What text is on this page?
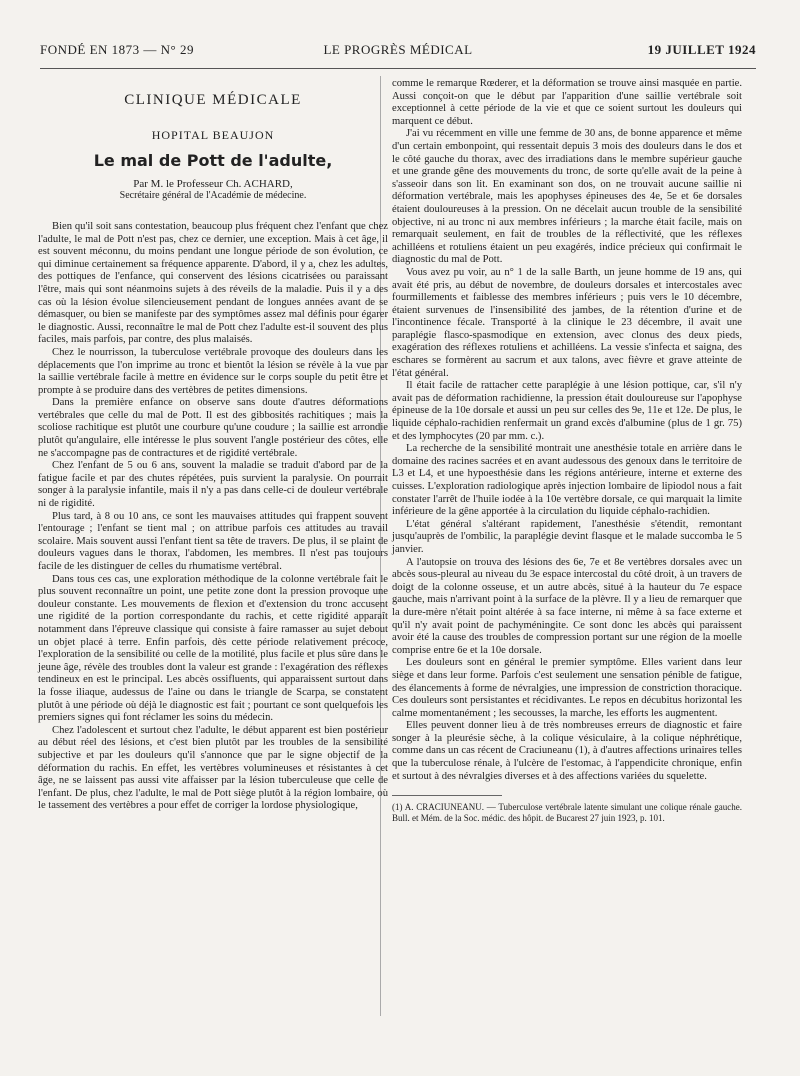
FONDÉ EN 1873 — N° 29	LE PROGRÈS MÉDICAL	19 JUILLET 1924
CLINIQUE MÉDICALE
HOPITAL BEAUJON
Le mal de Pott de l'adulte,
Par M. le Professeur Ch. ACHARD,
Secrétaire général de l'Académie de médecine.

Bien qu'il soit sans contestation, beaucoup plus fréquent chez l'enfant que chez l'adulte, le mal de Pott n'est pas, chez ce dernier, une exception. Mais à cet âge, il est souvent méconnu, du moins pendant une longue période de son évolution, ce qui diminue certainement sa fréquence apparente. D'abord, il y a, chez les adultes, des pottiques de l'enfance, qui conservent des lésions cicatrisées ou paraissant l'être, mais qui sont néanmoins sujets à des réveils de la maladie. Puis il y a des cas où la lésion évolue silencieusement pendant de longues années avant de se démasquer, ou bien se manifeste par des symptômes assez mal définis pour égarer le diagnostic. Aussi, reconnaître le mal de Pott chez l'adulte est-il souvent des plus faciles, mais parfois, par contre, des plus malaisés.

Chez le nourrisson, la tuberculose vertébrale provoque des douleurs dans les déplacements que l'on imprime au tronc et bientôt la lésion se révèle à la vue par la saillie vertébrale facile à mettre en évidence sur le corps souple du petit être et prompte à se produire dans des vertèbres de petites dimensions.

Dans la première enfance on observe sans doute d'autres déformations vertébrales que celle du mal de Pott. Il est des gibbosités rachitiques ; mais la scoliose rachitique est plutôt une courbure qu'une coudure ; la saillie est arrondie plutôt qu'angulaire, elle intéresse le plus souvent l'angle postérieur des côtes, elle ne s'accompagne pas de contractures et de rigidité vertébrale.

Chez l'enfant de 5 ou 6 ans, souvent la maladie se traduit d'abord par de la fatigue facile et par des chutes répétées, puis survient la paralysie. On pourrait songer à la paralysie infantile, mais il n'y a pas dans celle-ci de douleur vertébrale ni de rigidité.

Plus tard, à 8 ou 10 ans, ce sont les mauvaises attitudes qui frappent souvent l'entourage ; l'enfant se tient mal ; on attribue parfois ces attitudes au travail scolaire. Mais souvent aussi l'enfant tient sa tête de travers. De plus, il se plaint de douleurs vagues dans le thorax, l'abdomen, les membres. Il n'est pas toujours facile de les distinguer de celles du rhumatisme vertébral.

Dans tous ces cas, une exploration méthodique de la colonne vertébrale fait le plus souvent reconnaître un point, une petite zone dont la pression provoque une douleur constante. Les mouvements de flexion et d'extension du tronc accusent une rigidité de la portion correspondante du rachis, et cette rigidité apparaît notamment dans l'épreuve classique qui consiste à faire ramasser au sujet debout un objet placé à terre. Enfin parfois, dès cette période relativement précoce, l'exploration de la sensibilité ou celle de la motilité, plus facile et plus sûre dans le jeune âge, révèle des troubles dont la valeur est grande : l'exagération des réflexes tendineux en est le principal. Les abcès ossifluents, qui apparaissent surtout dans la fosse iliaque, audessus de l'aine ou dans le triangle de Scarpa, se constatent plutôt à une période où déjà le diagnostic est fait ; pourtant ce sont quelquefois les premiers signes qui font réclamer les soins du médecin.

Chez l'adolescent et surtout chez l'adulte, le début apparent est bien postérieur au début réel des lésions, et c'est bien plutôt par les troubles de la sensibilité subjective et par les douleurs qu'il s'annonce que par le signe objectif de la déformation du rachis. En effet, les vertèbres volumineuses et résistantes à cet âge, ne se laissent pas aussi vite affaisser par la lésion tuberculeuse que celle de l'enfant. De plus, chez l'adulte, le mal de Pott siège plutôt à la région lombaire, où le tassement des vertèbres a pour effet de corriger la lordose physiologique,

comme le remarque Rœderer, et la déformation se trouve ainsi masquée en partie. Aussi conçoit-on que le début par l'apparition d'une saillie vertébrale soit exceptionnel à cette période de la vie et que ce soient surtout les douleurs qui marquent ce début.

J'ai vu récemment en ville une femme de 30 ans, de bonne apparence et même d'un certain embonpoint, qui ressentait depuis 3 mois des douleurs dans le dos et le côté gauche du thorax, avec des irradiations dans le membre supérieur gauche et une grande gêne des mouvements du tronc, de sorte qu'elle avait de la peine à s'asseoir dans son lit. En examinant son dos, on ne trouvait aucune saillie ni déformation vertébrale, mais les apophyses épineuses des 4e, 5e et 6e dorsales étaient douloureuses à la pression. On ne décelait aucun trouble de la sensibilité objective, ni au tronc ni aux membres inférieurs ; la marche était facile, mais on remarquait seulement, en fait de troubles de la réflectivité, que les réflexes achilléens et rotuliens étaient un peu exagérés, indice précieux qui confirmait le diagnostic du mal de Pott.

Vous avez pu voir, au n° 1 de la salle Barth, un jeune homme de 19 ans, qui avait été pris, au début de novembre, de douleurs dorsales et intercostales avec fourmillements et faiblesse des membres inférieurs ; puis vers le 10 décembre, étaient survenues de l'insensibilité des jambes, de la rétention d'urine et de l'incontinence fécale. Transporté à la clinique le 23 décembre, il avait une paraplégie flasco-spasmodique en extension, avec clonus des deux pieds, exagération des réflexes rotuliens et achilléens. La vessie s'infecta et saigna, des eschares se formèrent au sacrum et aux talons, avec fièvre et grave atteinte de l'état général.

Il était facile de rattacher cette paraplégie à une lésion pottique, car, s'il n'y avait pas de déformation rachidienne, la pression était douloureuse sur l'apophyse épineuse de la 10e dorsale et aussi un peu sur celles des 9e, 11e et 12e. De plus, le liquide céphalo-rachidien renfermait un grand excès d'albumine (plus de 1 gr. 75) et des lymphocytes (20 par mm. c.).

La recherche de la sensibilité montrait une anesthésie totale en arrière dans le domaine des racines sacrées et en avant audessous des genoux dans le territoire de L3 et L4, et une hypoesthésie dans les régions antérieure, interne et externe des cuisses. L'exploration radiologique après injection lombaire de lipiodol nous a fait constater l'arrêt de l'huile iodée à la 10e vertèbre dorsale, ce qui marquait la limite inférieure de la gêne apportée à la circulation du liquide céphalo-rachidien.

L'état général s'altérant rapidement, l'anesthésie s'étendit, remontant jusqu'auprès de l'ombilic, la paraplégie devint flasque et le malade succomba le 5 janvier.

A l'autopsie on trouva des lésions des 6e, 7e et 8e vertèbres dorsales avec un abcès sous-pleural au niveau du 3e espace intercostal du côté droit, à un travers de doigt de la colonne osseuse, et un autre abcès, situé à la hauteur du 7e espace gauche, mais n'arrivant point à la surface de la plèvre. Il y a lieu de remarquer que la dure-mère n'était point altérée à sa face interne, ni même à sa face externe et qu'il n'y avait point de pachyméningite. Ce sont donc les abcès qui paraissent avoir été la cause des troubles de compression portant sur une région de la moelle comprise entre 6e et la 10e dorsale.

Les douleurs sont en général le premier symptôme. Elles varient dans leur siège et dans leur forme. Parfois c'est seulement une sensation pénible de fatigue, des élancements à forme de névralgies, une impression de constriction thoracique. Ces douleurs sont persistantes et récidivantes. Le repos en décubitus horizontal les calme momentanément ; les secousses, la marche, les efforts les augmentent.

Elles peuvent donner lieu à de très nombreuses erreurs de diagnostic et faire songer à la pleurésie sèche, à la colique vésiculaire, à la colique néphrétique, comme dans un cas récent de Craciuneanu (1), à d'autres affections urinaires telles que la tuberculose rénale, à l'ulcère de l'estomac, à l'appendicite chronique, enfin et surtout à des névralgies diverses et à des affections variées du squelette.

(1) A. CRACIUNEANU. — Tuberculose vertébrale latente simulant une colique rénale gauche. Bull. et Mém. de la Soc. médic. des hôpit. de Bucarest 27 juin 1923, p. 101.
